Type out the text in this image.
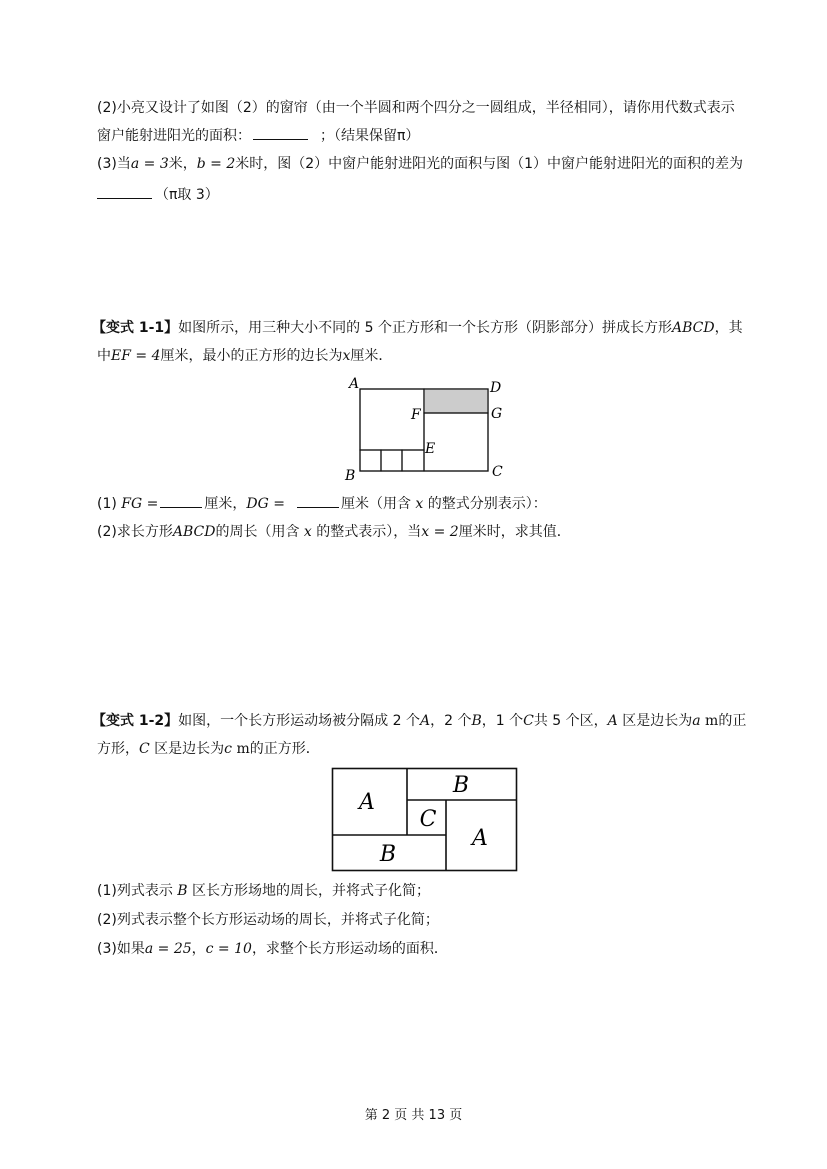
(2)小亮又设计了如图（2）的窗帘（由一个半圆和两个四分之一圆组成，半径相同），请你用代数式表示
窗户能射进阳光的面积：	；（结果保留π）
(3)当a = 3米，b = 2米时，图（2）中窗户能射进阳光的面积与图（1）中窗户能射进阳光的面积的差为
（π取 3）
【变式 1-1】如图所示，用三种大小不同的 5 个正方形和一个长方形（阴影部分）拼成长方形ABCD，其
中EF = 4厘米，最小的正方形的边长为x厘米．
A	D
F	G
E
B	C
(1) FG =	厘米，DG =	厘米（用含 x 的整式分别表示）：
(2)求长方形ABCD的周长（用含 x 的整式表示），当x = 2厘米时，求其值．
【变式 1-2】如图，一个长方形运动场被分隔成 2 个A，2 个B，1 个C共 5 个区，A 区是边长为a m的正
方形，C 区是边长为c m的正方形．
A
B
C
A
B
(1)列式表示 B 区长方形场地的周长，并将式子化简；
(2)列式表示整个长方形运动场的周长，并将式子化简；
(3)如果a = 25，c = 10，求整个长方形运动场的面积．
第 2 页 共 13 页
